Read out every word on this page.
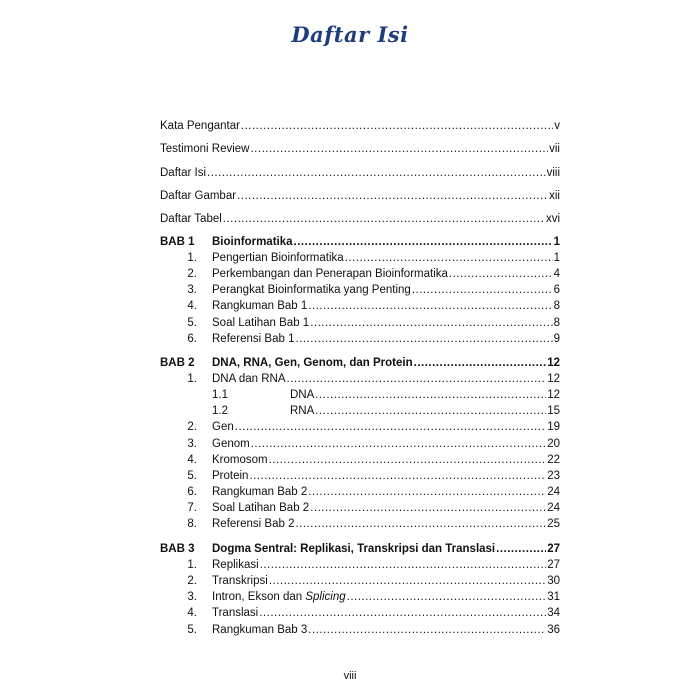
Daftar Isi
Kata Pengantar .....	v
Testimoni Review .....	vii
Daftar Isi .....	viii
Daftar Gambar .....	xii
Daftar Tabel .....	xvi
BAB 1	Bioinformatika .....	1
1.	Pengertian Bioinformatika .....	1
2.	Perkembangan dan Penerapan Bioinformatika .....	4
3.	Perangkat Bioinformatika yang Penting .....	6
4.	Rangkuman Bab 1 .....	8
5.	Soal Latihan Bab 1 .....	8
6.	Referensi Bab 1 .....	9
BAB 2	DNA, RNA, Gen, Genom, dan Protein .....	12
1.	DNA dan RNA .....	12
1.1	DNA .....	12
1.2	RNA .....	15
2.	Gen .....	19
3.	Genom .....	20
4.	Kromosom .....	22
5.	Protein .....	23
6.	Rangkuman Bab 2 .....	24
7.	Soal Latihan Bab 2 .....	24
8.	Referensi Bab 2 .....	25
BAB 3	Dogma Sentral: Replikasi, Transkripsi dan Translasi .....	27
1.	Replikasi .....	27
2.	Transkripsi .....	30
3.	Intron, Ekson dan Splicing .....	31
4.	Translasi .....	34
5.	Rangkuman Bab 3 .....	36
viii
